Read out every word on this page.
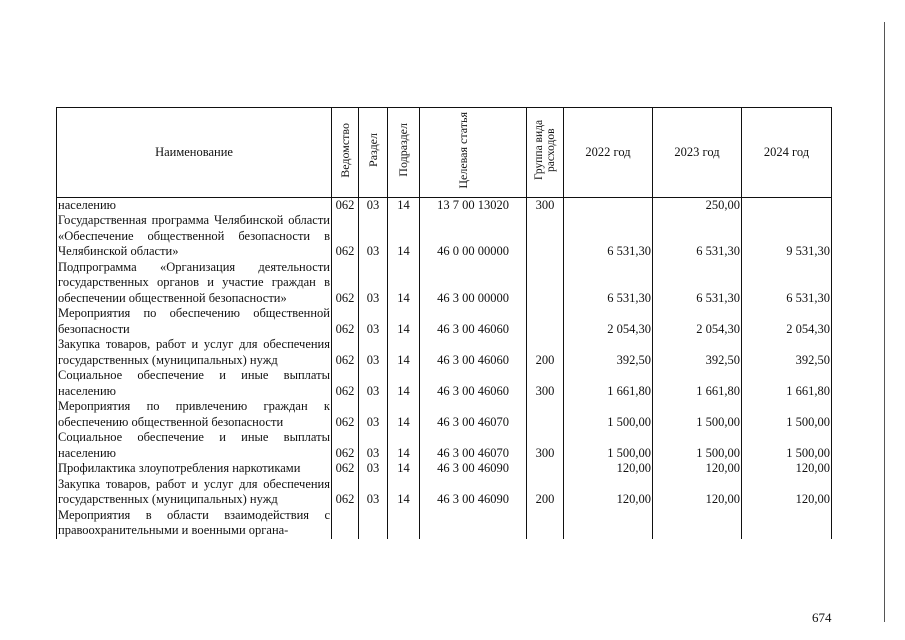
Наименование	Ведомство	Раздел	Подраздел	Целевая статья	Группа вида расходов	2022 год	2023 год	2024 год
населению	062	03	14	13 7 00 13020	300		250,00	
Государственная программа Челябинской области «Обеспечение общественной безопасности в Челябинской области»	062	03	14	46 0 00 00000		6 531,30	6 531,30	9 531,30
Подпрограмма «Организация деятельности государственных органов и участие граждан в обеспечении общественной безопасности»	062	03	14	46 3 00 00000		6 531,30	6 531,30	6 531,30
Мероприятия по обеспечению общественной безопасности	062	03	14	46 3 00 46060		2 054,30	2 054,30	2 054,30
Закупка товаров, работ и услуг для обеспечения государственных (муниципальных) нужд	062	03	14	46 3 00 46060	200	392,50	392,50	392,50
Социальное обеспечение и иные выплаты населению	062	03	14	46 3 00 46060	300	1 661,80	1 661,80	1 661,80
Мероприятия по привлечению граждан к обеспечению общественной безопасности	062	03	14	46 3 00 46070		1 500,00	1 500,00	1 500,00
Социальное обеспечение и иные выплаты населению	062	03	14	46 3 00 46070	300	1 500,00	1 500,00	1 500,00
Профилактика злоупотребления наркотиками	062	03	14	46 3 00 46090		120,00	120,00	120,00
Закупка товаров, работ и услуг для обеспечения государственных (муниципальных) нужд	062	03	14	46 3 00 46090	200	120,00	120,00	120,00
Мероприятия в области взаимодействия с правоохранительными и военными органа-								
674
